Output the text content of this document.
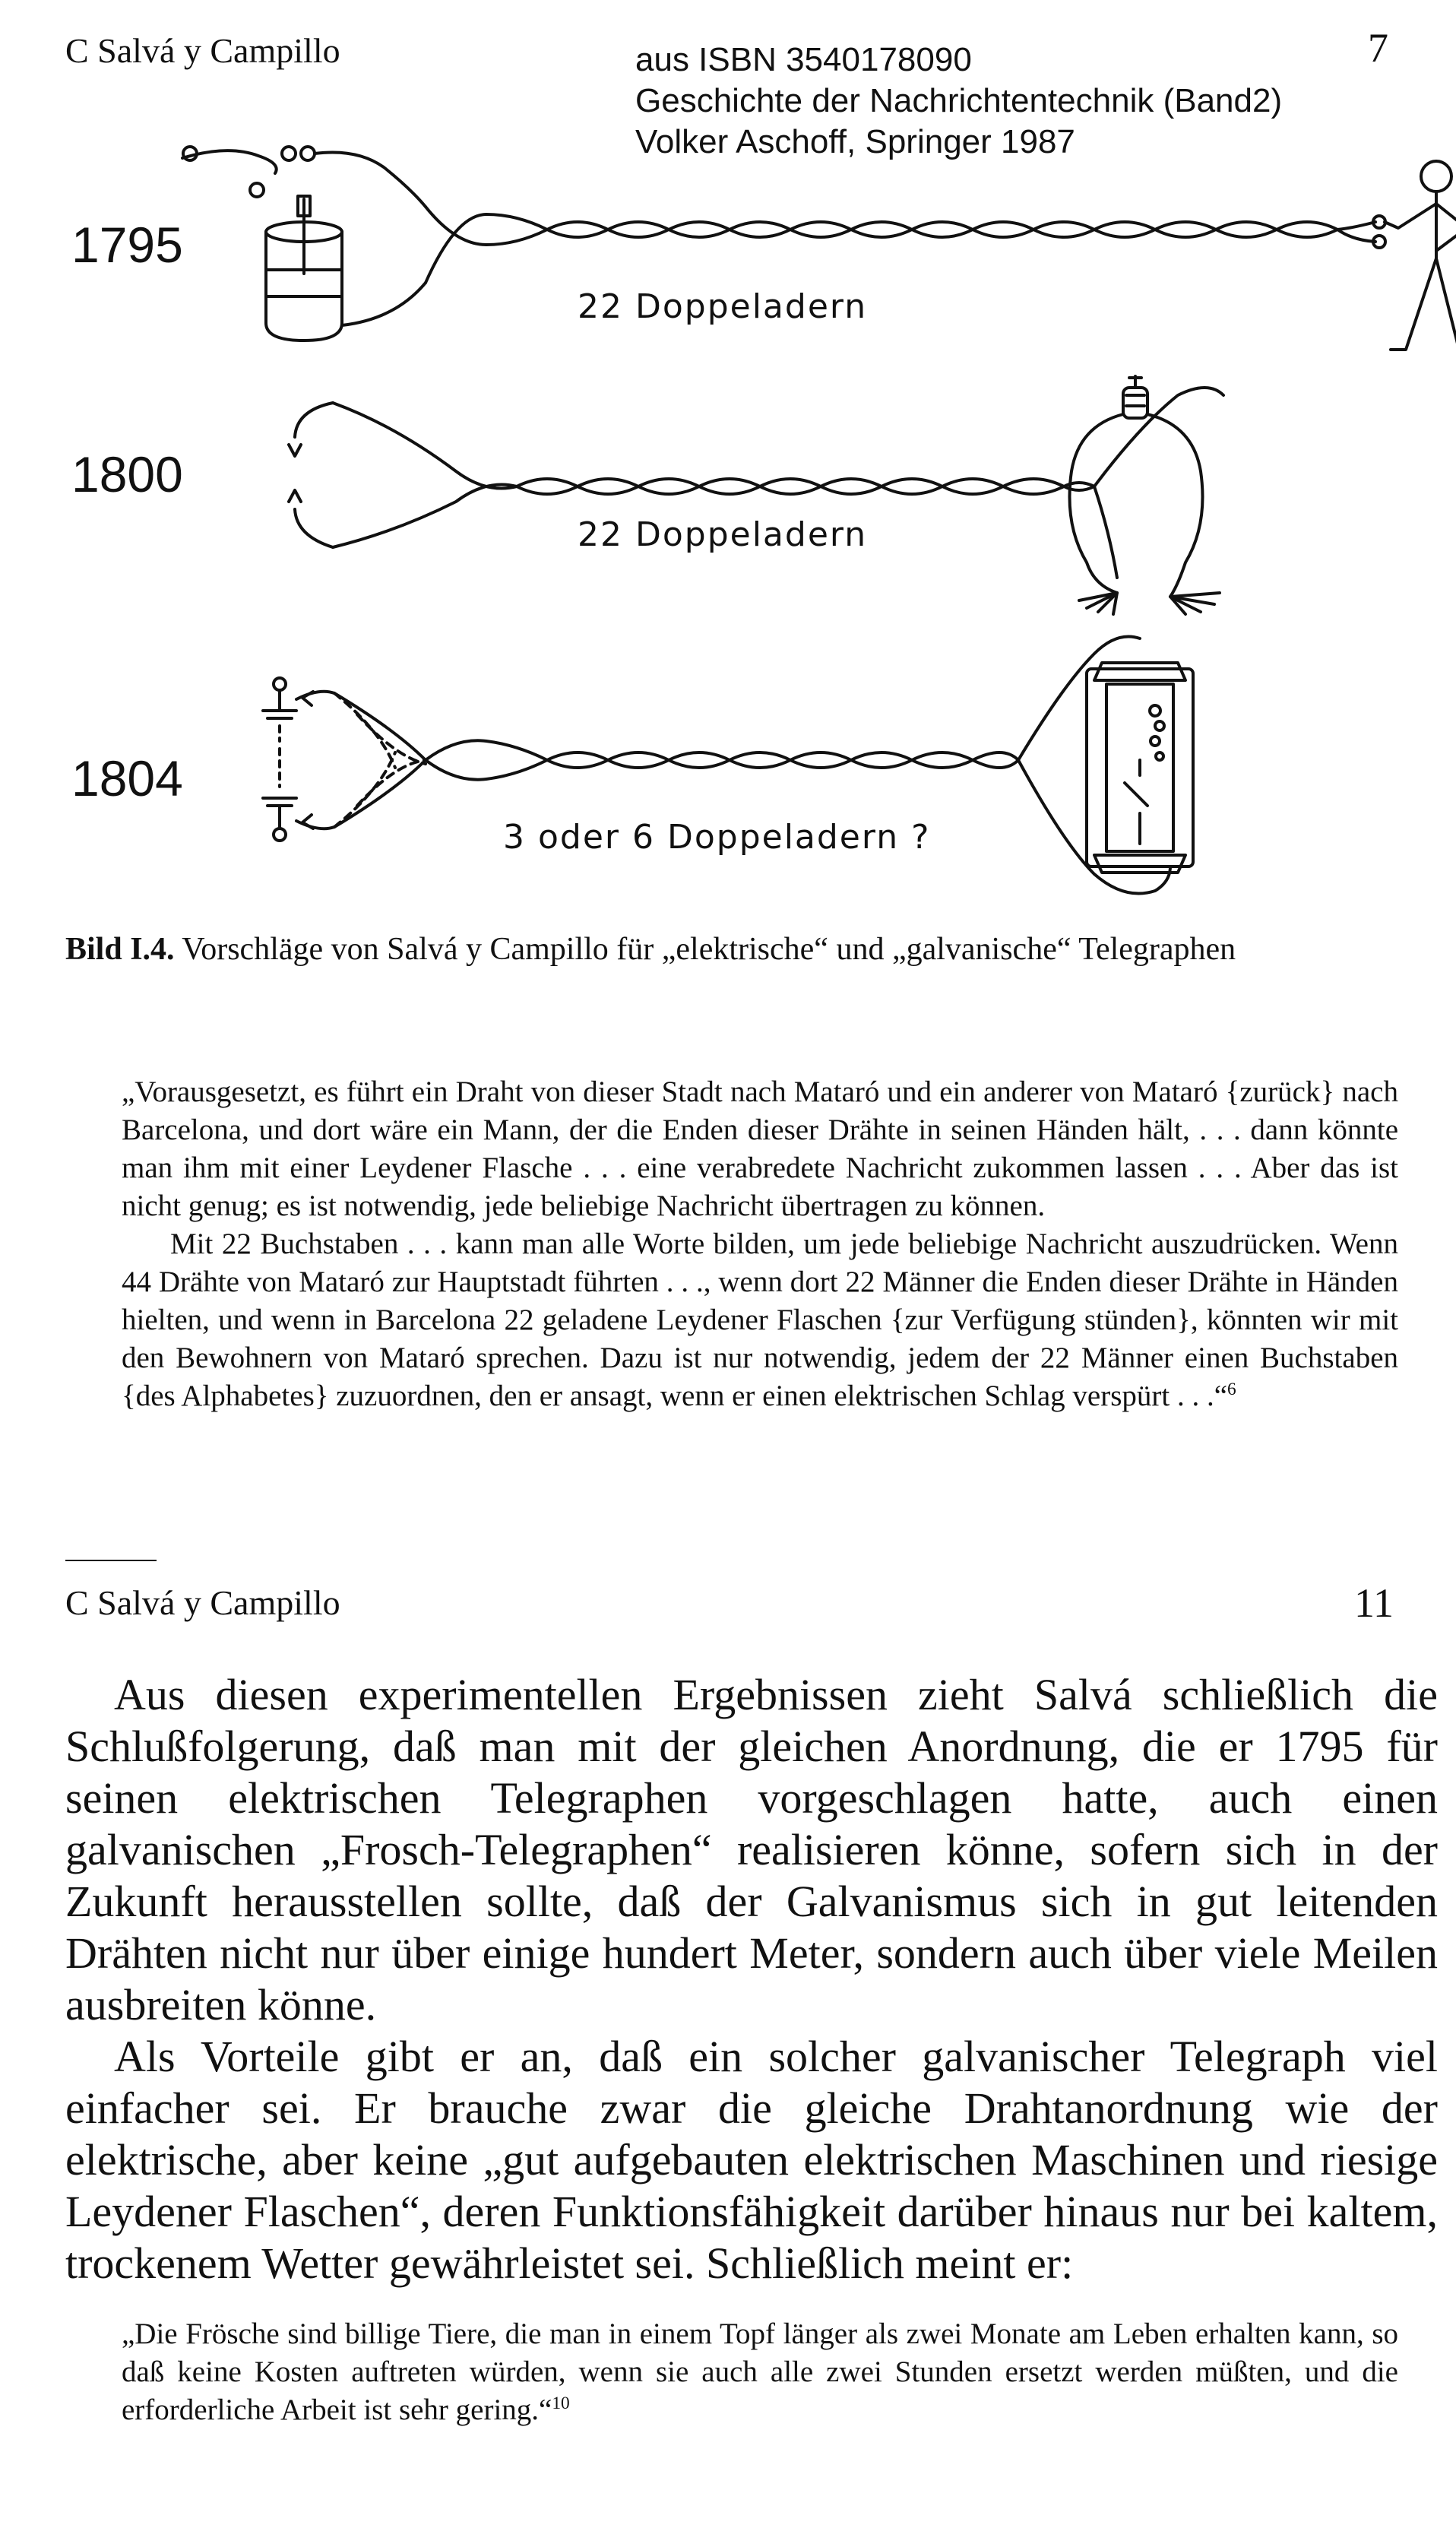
C Salvá y Campillo	7
aus ISBN 3540178090
Geschichte der Nachrichtentechnik (Band2)
Volker Aschoff, Springer 1987
1795
22 Doppeladern
1800
22 Doppeladern
1804
3 oder 6 Doppeladern ?
Bild I.4. Vorschläge von Salvá y Campillo für „elektrische“ und „galvanische“ Telegraphen

„Vorausgesetzt, es führt ein Draht von dieser Stadt nach Mataró und ein anderer von Mataró {zurück} nach Barcelona, und dort wäre ein Mann, der die Enden dieser Drähte in seinen Händen hält, . . . dann könnte man ihm mit einer Leydener Flasche . . . eine verabredete Nachricht zukommen lassen . . . Aber das ist nicht genug; es ist notwendig, jede beliebige Nachricht übertragen zu können.

Mit 22 Buchstaben . . . kann man alle Worte bilden, um jede beliebige Nachricht auszudrücken. Wenn 44 Drähte von Mataró zur Hauptstadt führten . . ., wenn dort 22 Männer die Enden dieser Drähte in Händen hielten, und wenn in Barcelona 22 geladene Leydener Flaschen {zur Verfügung stünden}, könnten wir mit den Bewohnern von Mataró sprechen. Dazu ist nur notwendig, jedem der 22 Männer einen Buchstaben {des Alphabetes} zuzuordnen, den er ansagt, wenn er einen elektrischen Schlag verspürt . . .“$^6$

C Salvá y Campillo	11

Aus diesen experimentellen Ergebnissen zieht Salvá schließlich die Schlußfolgerung, daß man mit der gleichen Anordnung, die er 1795 für seinen elektrischen Telegraphen vorgeschlagen hatte, auch einen galvanischen „Frosch-Telegraphen“ realisieren könne, sofern sich in der Zukunft herausstellen sollte, daß der Galvanismus sich in gut leitenden Drähten nicht nur über einige hundert Meter, sondern auch über viele Meilen ausbreiten könne.

Als Vorteile gibt er an, daß ein solcher galvanischer Telegraph viel einfacher sei. Er brauche zwar die gleiche Drahtanordnung wie der elektrische, aber keine „gut aufgebauten elektrischen Maschinen und riesige Leydener Flaschen“, deren Funktionsfähigkeit darüber hinaus nur bei kaltem, trockenem Wetter gewährleistet sei. Schließlich meint er:

„Die Frösche sind billige Tiere, die man in einem Topf länger als zwei Monate am Leben erhalten kann, so daß keine Kosten auftreten würden, wenn sie auch alle zwei Stunden ersetzt werden müßten, und die erforderliche Arbeit ist sehr gering.“$^{10}$
